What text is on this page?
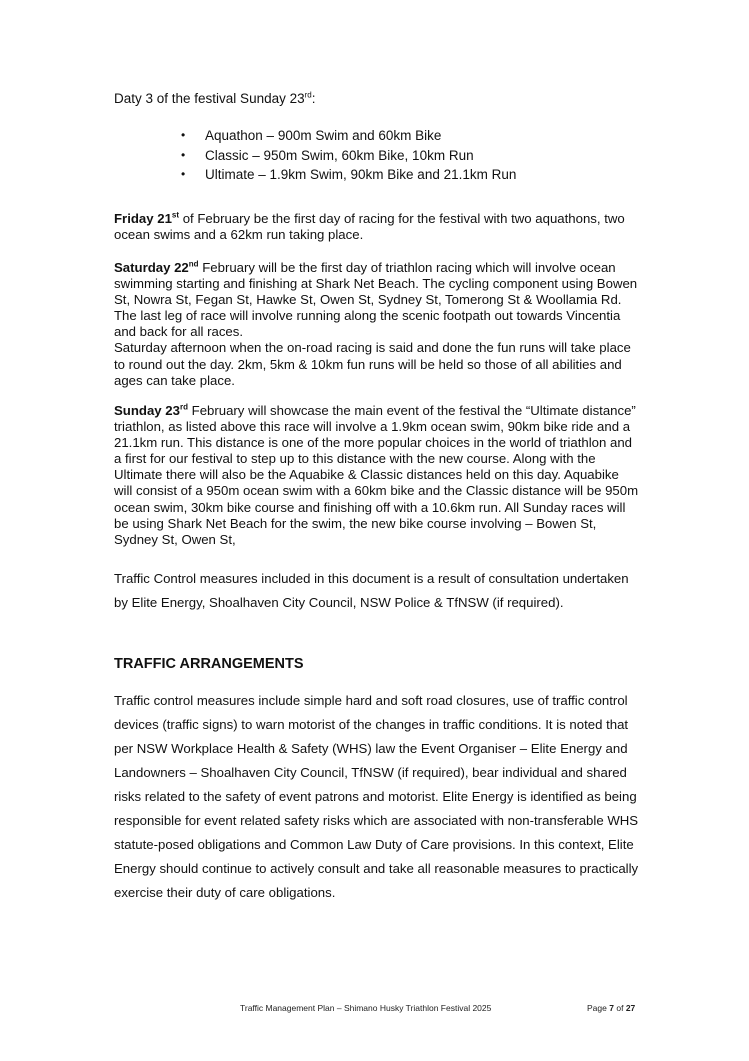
Daty 3 of the festival Sunday 23rd:
• Aquathon – 900m Swim and 60km Bike
• Classic – 950m Swim, 60km Bike, 10km Run
• Ultimate – 1.9km Swim, 90km Bike and 21.1km Run

Friday 21st of February be the first day of racing for the festival with two aquathons, two ocean swims and a 62km run taking place.

Saturday 22nd February will be the first day of triathlon racing which will involve ocean swimming starting and finishing at Shark Net Beach. The cycling component using Bowen St, Nowra St, Fegan St, Hawke St, Owen St, Sydney St, Tomerong St & Woollamia Rd. The last leg of race will involve running along the scenic footpath out towards Vincentia and back for all races.
Saturday afternoon when the on-road racing is said and done the fun runs will take place to round out the day. 2km, 5km & 10km fun runs will be held so those of all abilities and ages can take place.

Sunday 23rd February will showcase the main event of the festival the “Ultimate distance” triathlon, as listed above this race will involve a 1.9km ocean swim, 90km bike ride and a 21.1km run. This distance is one of the more popular choices in the world of triathlon and a first for our festival to step up to this distance with the new course. Along with the Ultimate there will also be the Aquabike & Classic distances held on this day. Aquabike will consist of a 950m ocean swim with a 60km bike and the Classic distance will be 950m ocean swim, 30km bike course and finishing off with a 10.6km run. All Sunday races will be using Shark Net Beach for the swim, the new bike course involving – Bowen St, Sydney St, Owen St,

Traffic Control measures included in this document is a result of consultation undertaken by Elite Energy, Shoalhaven City Council, NSW Police & TfNSW (if required).

TRAFFIC ARRANGEMENTS

Traffic control measures include simple hard and soft road closures, use of traffic control devices (traffic signs) to warn motorist of the changes in traffic conditions. It is noted that per NSW Workplace Health & Safety (WHS) law the Event Organiser – Elite Energy and Landowners – Shoalhaven City Council, TfNSW (if required), bear individual and shared risks related to the safety of event patrons and motorist. Elite Energy is identified as being responsible for event related safety risks which are associated with non-transferable WHS statute-posed obligations and Common Law Duty of Care provisions. In this context, Elite Energy should continue to actively consult and take all reasonable measures to practically exercise their duty of care obligations.

Traffic Management Plan – Shimano Husky Triathlon Festival 2025	Page 7 of 27
